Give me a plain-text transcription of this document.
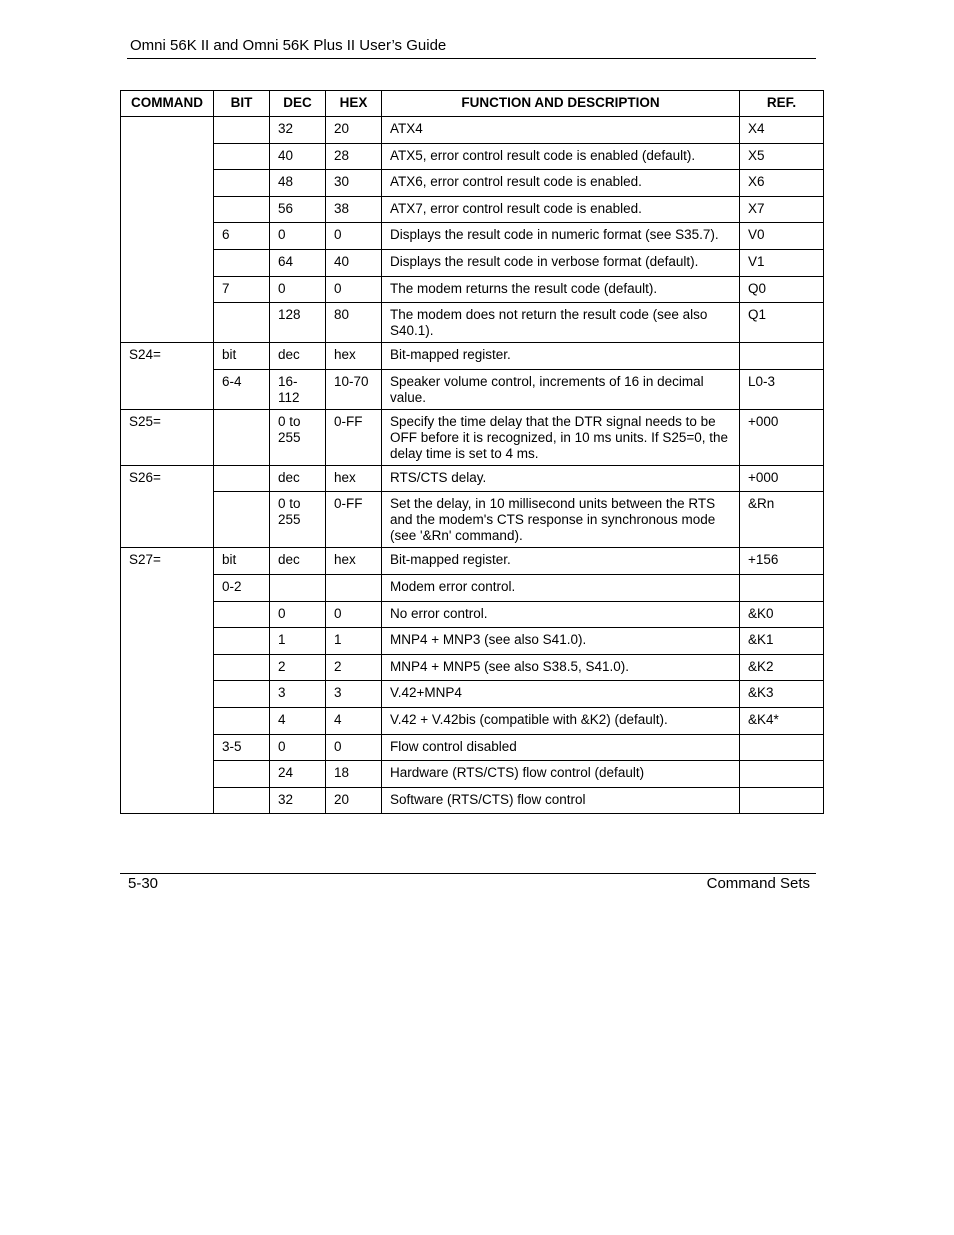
Omni 56K II and Omni 56K Plus II User’s Guide
COMMAND	BIT	DEC	HEX	FUNCTION AND DESCRIPTION	REF.
		32	20	ATX4	X4
		40	28	ATX5, error control result code is enabled (default).	X5
		48	30	ATX6, error control result code is enabled.	X6
		56	38	ATX7, error control result code is enabled.	X7
	6	0	0	Displays the result code in numeric format (see S35.7).	V0
		64	40	Displays the result code in verbose format (default).	V1
	7	0	0	The modem returns the result code (default).	Q0
		128	80	The modem does not return the result code (see also S40.1).	Q1
S24=	bit	dec	hex	Bit-mapped register.	
	6-4	16-112	10-70	Speaker volume control, increments of 16 in decimal value.	L0-3
S25=		0 to 255	0-FF	Specify the time delay that the DTR signal needs to be OFF before it is recognized, in 10 ms units. If S25=0, the delay time is set to 4 ms.	+000
S26=		dec	hex	RTS/CTS delay.	+000
		0 to 255	0-FF	Set the delay, in 10 millisecond units between the RTS and the modem's CTS response in synchronous mode (see '&Rn' command).	&Rn
S27=	bit	dec	hex	Bit-mapped register.	+156
	0-2			Modem error control.	
		0	0	No error control.	&K0
		1	1	MNP4 + MNP3 (see also S41.0).	&K1
		2	2	MNP4 + MNP5 (see also S38.5, S41.0).	&K2
		3	3	V.42+MNP4	&K3
		4	4	V.42 + V.42bis (compatible with &K2) (default).	&K4*
	3-5	0	0	Flow control disabled	
		24	18	Hardware (RTS/CTS) flow control (default)	
		32	20	Software (RTS/CTS) flow control	
5-30	Command Sets
